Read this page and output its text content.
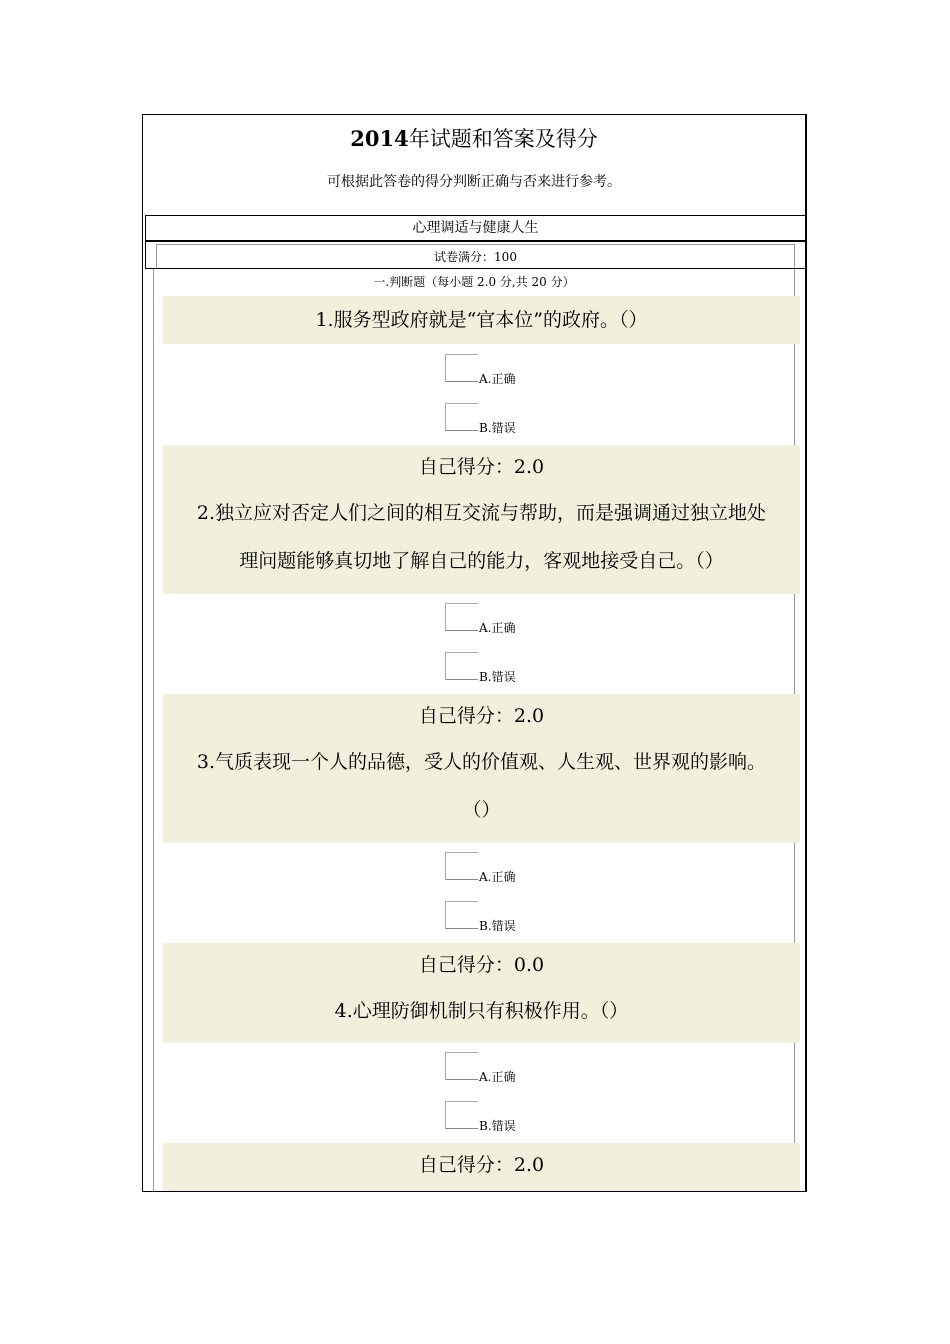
2014年试题和答案及得分
可根据此答卷的得分判断正确与否来进行参考。
心理调适与健康人生
试卷满分：100
一.判断题（每小题 2.0 分,共 20 分）
1.服务型政府就是“官本位”的政府。（）
A.正确
B.错误
自己得分：2.0
2.独立应对否定人们之间的相互交流与帮助，而是强调通过独立地处
理问题能够真切地了解自己的能力，客观地接受自己。（）
A.正确
B.错误
自己得分：2.0
3.气质表现一个人的品德，受人的价值观、人生观、世界观的影响。
（）
A.正确
B.错误
自己得分：0.0
4.心理防御机制只有积极作用。（）
A.正确
B.错误
自己得分：2.0
